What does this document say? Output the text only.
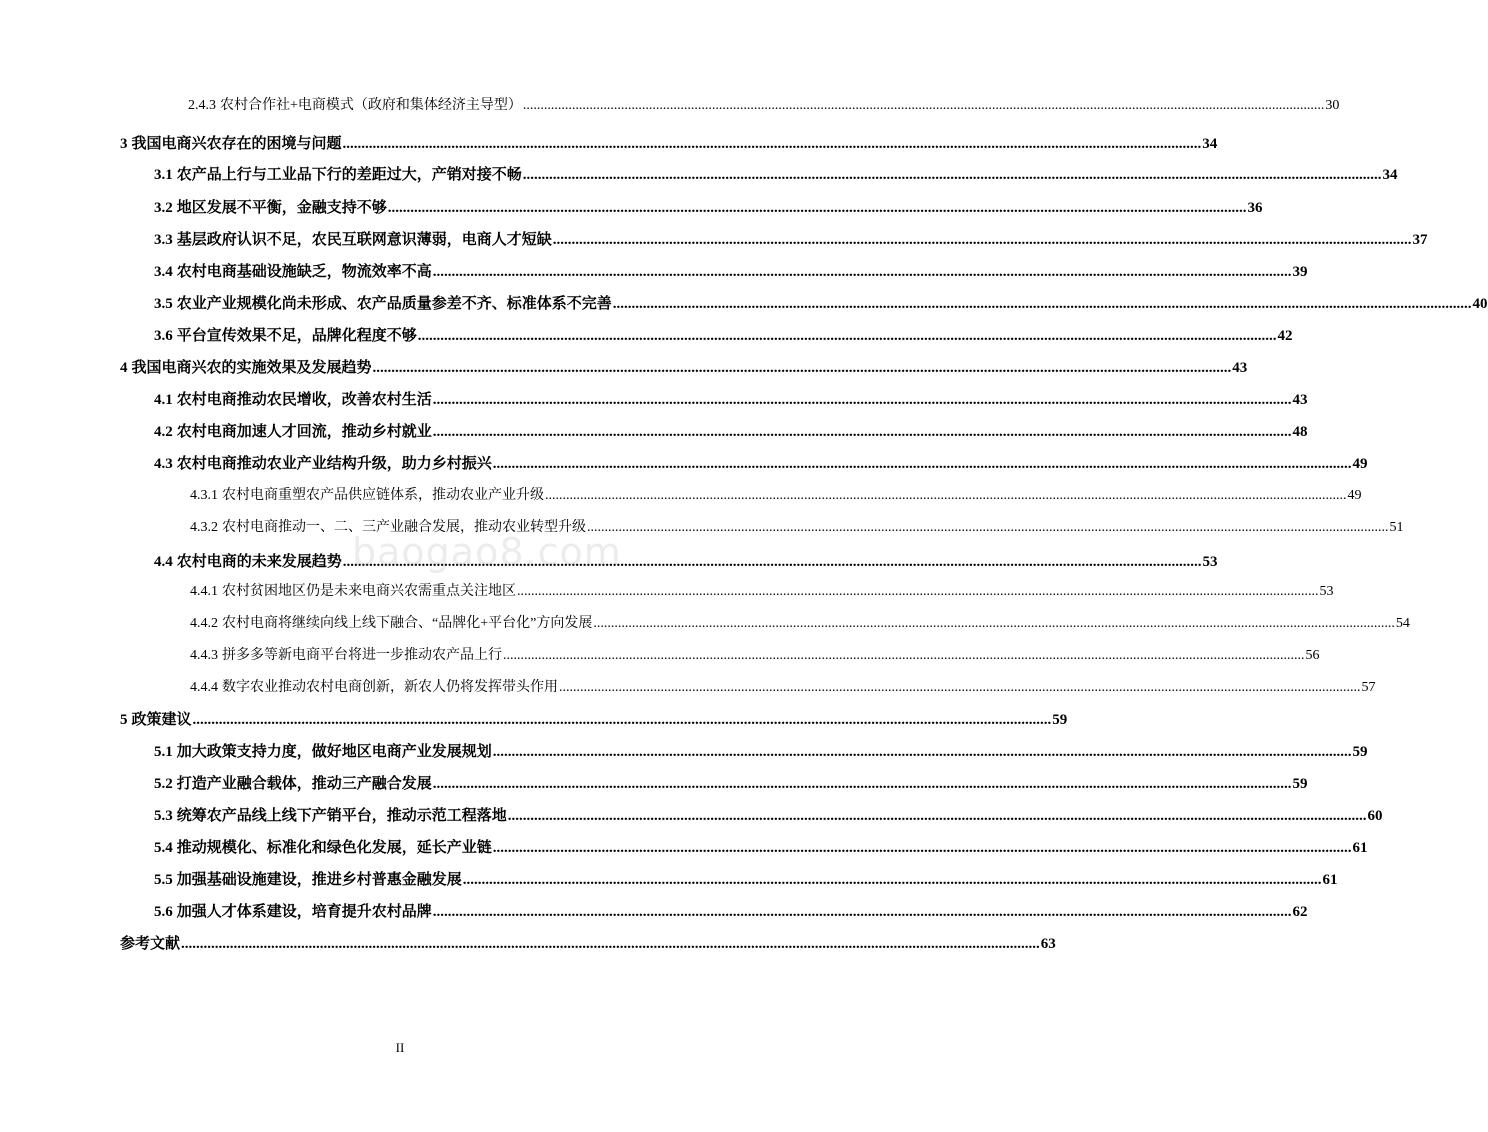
2.4.3 农村合作社+电商模式（政府和集体经济主导型） .....	30
3 我国电商兴农存在的困境与问题 .....	34
3.1 农产品上行与工业品下行的差距过大，产销对接不畅 .....	34
3.2 地区发展不平衡，金融支持不够 .....	36
3.3 基层政府认识不足，农民互联网意识薄弱，电商人才短缺 .....	37
3.4 农村电商基础设施缺乏，物流效率不高 .....	39
3.5 农业产业规模化尚未形成、农产品质量参差不齐、标准体系不完善 .....	40
3.6 平台宣传效果不足，品牌化程度不够 .....	42
4 我国电商兴农的实施效果及发展趋势 .....	43
4.1 农村电商推动农民增收，改善农村生活 .....	43
4.2 农村电商加速人才回流，推动乡村就业 .....	48
4.3 农村电商推动农业产业结构升级，助力乡村振兴 .....	49
4.3.1 农村电商重塑农产品供应链体系，推动农业产业升级 .....	49
4.3.2 农村电商推动一、二、三产业融合发展，推动农业转型升级 .....	51
4.4 农村电商的未来发展趋势 .....	53
4.4.1 农村贫困地区仍是未来电商兴农需重点关注地区 .....	53
4.4.2 农村电商将继续向线上线下融合、“品牌化+平台化”方向发展 .....	54
4.4.3 拼多多等新电商平台将进一步推动农产品上行 .....	56
4.4.4 数字农业推动农村电商创新，新农人仍将发挥带头作用 .....	57
5 政策建议 .....	59
5.1 加大政策支持力度，做好地区电商产业发展规划 .....	59
5.2 打造产业融合载体，推动三产融合发展 .....	59
5.3 统筹农产品线上线下产销平台，推动示范工程落地 .....	60
5.4 推动规模化、标准化和绿色化发展，延长产业链 .....	61
5.5 加强基础设施建设，推进乡村普惠金融发展 .....	61
5.6 加强人才体系建设，培育提升农村品牌 .....	62
参考文献 .....	63
baogao8.com
II
